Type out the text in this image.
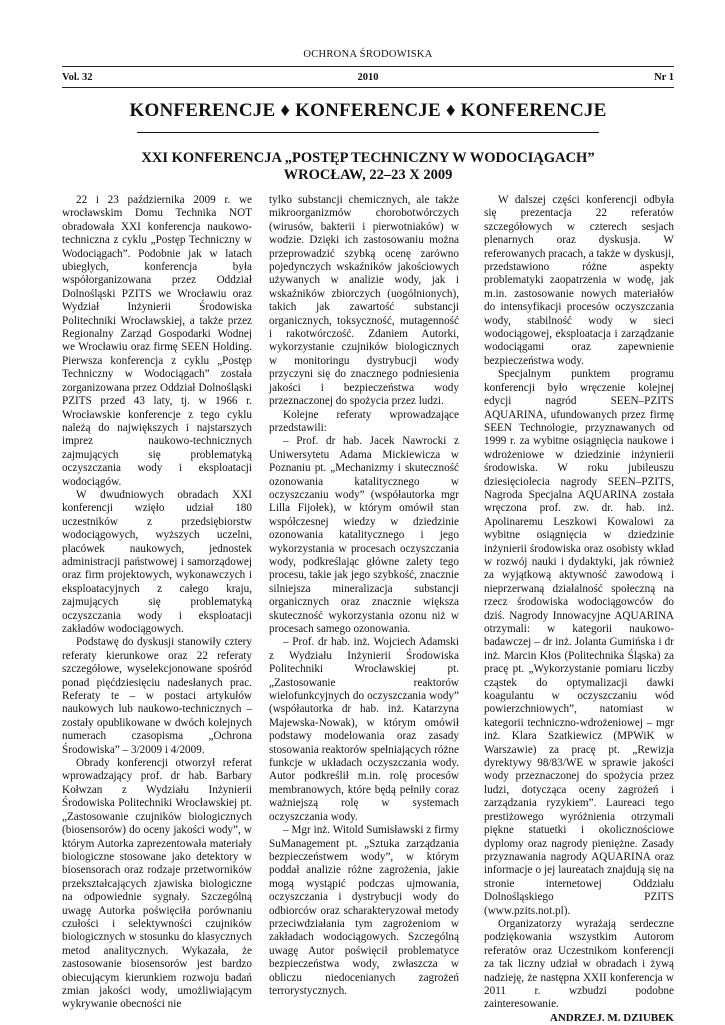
OCHRONA ŚRODOWISKA
Vol. 32	2010	Nr 1
KONFERENCJE ♦ KONFERENCJE ♦ KONFERENCJE
XXI KONFERENCJA „POSTĘP TECHNICZNY W WODOCIĄGACH”
WROCŁAW, 22–23 X 2009

22 i 23 października 2009 r. we wrocławskim Domu Technika NOT obradowała XXI konferencja naukowo-techniczna z cyklu „Postęp Techniczny w Wodociągach”. Podobnie jak w latach ubiegłych, konferencja była współorganizowana przez Oddział Dolnośląski PZITS we Wrocławiu oraz Wydział Inżynierii Środowiska Politechniki Wrocławskiej, a także przez Regionalny Zarząd Gospodarki Wodnej we Wrocławiu oraz firmę SEEN Holding. Pierwsza konferencja z cyklu „Postęp Techniczny w Wodociągach” została zorganizowana przez Oddział Dolnośląski PZITS przed 43 laty, tj. w 1966 r. Wrocławskie konferencje z tego cyklu należą do największych i najstarszych imprez naukowo-technicznych zajmujących się problematyką oczyszczania wody i eksploatacji wodociągów.

W dwudniowych obradach XXI konferencji wzięło udział 180 uczestników z przedsiębiorstw wodociągowych, wyższych uczelni, placówek naukowych, jednostek administracji państwowej i samorządowej oraz firm projektowych, wykonawczych i eksploatacyjnych z całego kraju, zajmujących się problematyką oczyszczania wody i eksploatacji zakładów wodociągowych.

Podstawę do dyskusji stanowiły cztery referaty kierunkowe oraz 22 referaty szczegółowe, wyselekcjonowane spośród ponad pięćdziesięciu nadesłanych prac. Referaty te – w postaci artykułów naukowych lub naukowo-technicznych – zostały opublikowane w dwóch kolejnych numerach czasopisma „Ochrona Środowiska” – 3/2009 i 4/2009.

Obrady konferencji otworzył referat wprowadzający prof. dr hab. Barbary Kołwzan z Wydziału Inżynierii Środowiska Politechniki Wrocławskiej pt. „Zastosowanie czujników biologicznych (biosensorów) do oceny jakości wody”, w którym Autorka zaprezentowała materiały biologiczne stosowane jako detektory w biosensorach oraz rodzaje przetworników przekształcających zjawiska biologiczne na odpowiednie sygnały. Szczególną uwagę Autorka poświęciła porównaniu czułości i selektywności czujników biologicznych w stosunku do klasycznych metod analitycznych. Wykazała, że zastosowanie biosensorów jest bardzo obiecującym kierunkiem rozwoju badań zmian jakości wody, umożliwiającym wykrywanie obecności nie

tylko substancji chemicznych, ale także mikroorganizmów chorobotwórczych (wirusów, bakterii i pierwotniaków) w wodzie. Dzięki ich zastosowaniu można przeprowadzić szybką ocenę zarówno pojedynczych wskaźników jakościowych używanych w analizie wody, jak i wskaźników zbiorczych (uogólnionych), takich jak zawartość substancji organicznych, toksyczność, mutagenność i rakotwórczość. Zdaniem Autorki, wykorzystanie czujników biologicznych w monitoringu dystrybucji wody przyczyni się do znacznego podniesienia jakości i bezpieczeństwa wody przeznaczonej do spożycia przez ludzi.

Kolejne referaty wprowadzające przedstawili:

– Prof. dr hab. Jacek Nawrocki z Uniwersytetu Adama Mickiewicza w Poznaniu pt. „Mechanizmy i skuteczność ozonowania katalitycznego w oczyszczaniu wody” (współautorka mgr Lilla Fijołek), w którym omówił stan współczesnej wiedzy w dziedzinie ozonowania katalitycznego i jego wykorzystania w procesach oczyszczania wody, podkreślając główne zalety tego procesu, takie jak jego szybkość, znacznie silniejsza mineralizacja substancji organicznych oraz znacznie większa skuteczność wykorzystania ozonu niż w procesach samego ozonowania.

– Prof. dr hab. inż. Wojciech Adamski z Wydziału Inżynierii Środowiska Politechniki Wrocławskiej pt. „Zastosowanie reaktorów wielofunkcyjnych do oczyszczania wody” (współautorka dr hab. inż. Katarzyna Majewska-Nowak), w którym omówił podstawy modelowania oraz zasady stosowania reaktorów spełniających różne funkcje w układach oczyszczania wody. Autor podkreślił m.in. rolę procesów membranowych, które będą pełniły coraz ważniejszą rolę w systemach oczyszczania wody.

– Mgr inż. Witold Sumisławski z firmy SuManagement pt. „Sztuka zarządzania bezpieczeństwem wody”, w którym poddał analizie różne zagrożenia, jakie mogą wystąpić podczas ujmowania, oczyszczania i dystrybucji wody do odbiorców oraz scharakteryzował metody przeciwdziałania tym zagrożeniom w zakładach wodociągowych. Szczególną uwagę Autor poświęcił problematyce bezpieczeństwa wody, zwłaszcza w obliczu niedocenianych zagrożeń terrorystycznych.

W dalszej części konferencji odbyła się prezentacja 22 referatów szczegółowych w czterech sesjach plenarnych oraz dyskusja. W referowanych pracach, a także w dyskusji, przedstawiono różne aspekty problematyki zaopatrzenia w wodę, jak m.in. zastosowanie nowych materiałów do intensyfikacji procesów oczyszczania wody, stabilność wody w sieci wodociągowej, eksploatacja i zarządzanie wodociągami oraz zapewnienie bezpieczeństwa wody.

Specjalnym punktem programu konferencji było wręczenie kolejnej edycji nagród SEEN–PZITS AQUARINA, ufundowanych przez firmę SEEN Technologie, przyznawanych od 1999 r. za wybitne osiągnięcia naukowe i wdrożeniowe w dziedzinie inżynierii środowiska. W roku jubileuszu dziesięciolecia nagrody SEEN–PZITS, Nagroda Specjalna AQUARINA została wręczona prof. zw. dr. hab. inż. Apolinaremu Leszkowi Kowalowi za wybitne osiągnięcia w dziedzinie inżynierii środowiska oraz osobisty wkład w rozwój nauki i dydaktyki, jak również za wyjątkową aktywność zawodową i nieprzerwaną działalność społeczną na rzecz środowiska wodociągowców do dziś. Nagrody Innowacyjne AQUARINA otrzymali: w kategorii naukowo-badawczej – dr inż. Jolanta Gumińska i dr inż. Marcin Kłos (Politechnika Śląska) za pracę pt. „Wykorzystanie pomiaru liczby cząstek do optymalizacji dawki koagulantu w oczyszczaniu wód powierzchniowych”, natomiast w kategorii techniczno-wdrożeniowej – mgr inż. Klara Szatkiewicz (MPWiK w Warszawie) za pracę pt. „Rewizja dyrektywy 98/83/WE w sprawie jakości wody przeznaczonej do spożycia przez ludzi, dotycząca oceny zagrożeń i zarządzania ryzykiem”. Laureaci tego prestiżowego wyróżnienia otrzymali piękne statuetki i okolicznościowe dyplomy oraz nagrody pieniężne. Zasady przyznawania nagrody AQUARINA oraz informacje o jej laureatach znajdują się na stronie internetowej Oddziału Dolnośląskiego PZITS (www.pzits.not.pl).

Organizatorzy wyrażają serdeczne podziękowania wszystkim Autorom referatów oraz Uczestnikom konferencji za tak liczny udział w obradach i żywą nadzieję, że następna XXII konferencja w 2011 r. wzbudzi podobne zainteresowanie.

ANDRZEJ. M. DZIUBEK
